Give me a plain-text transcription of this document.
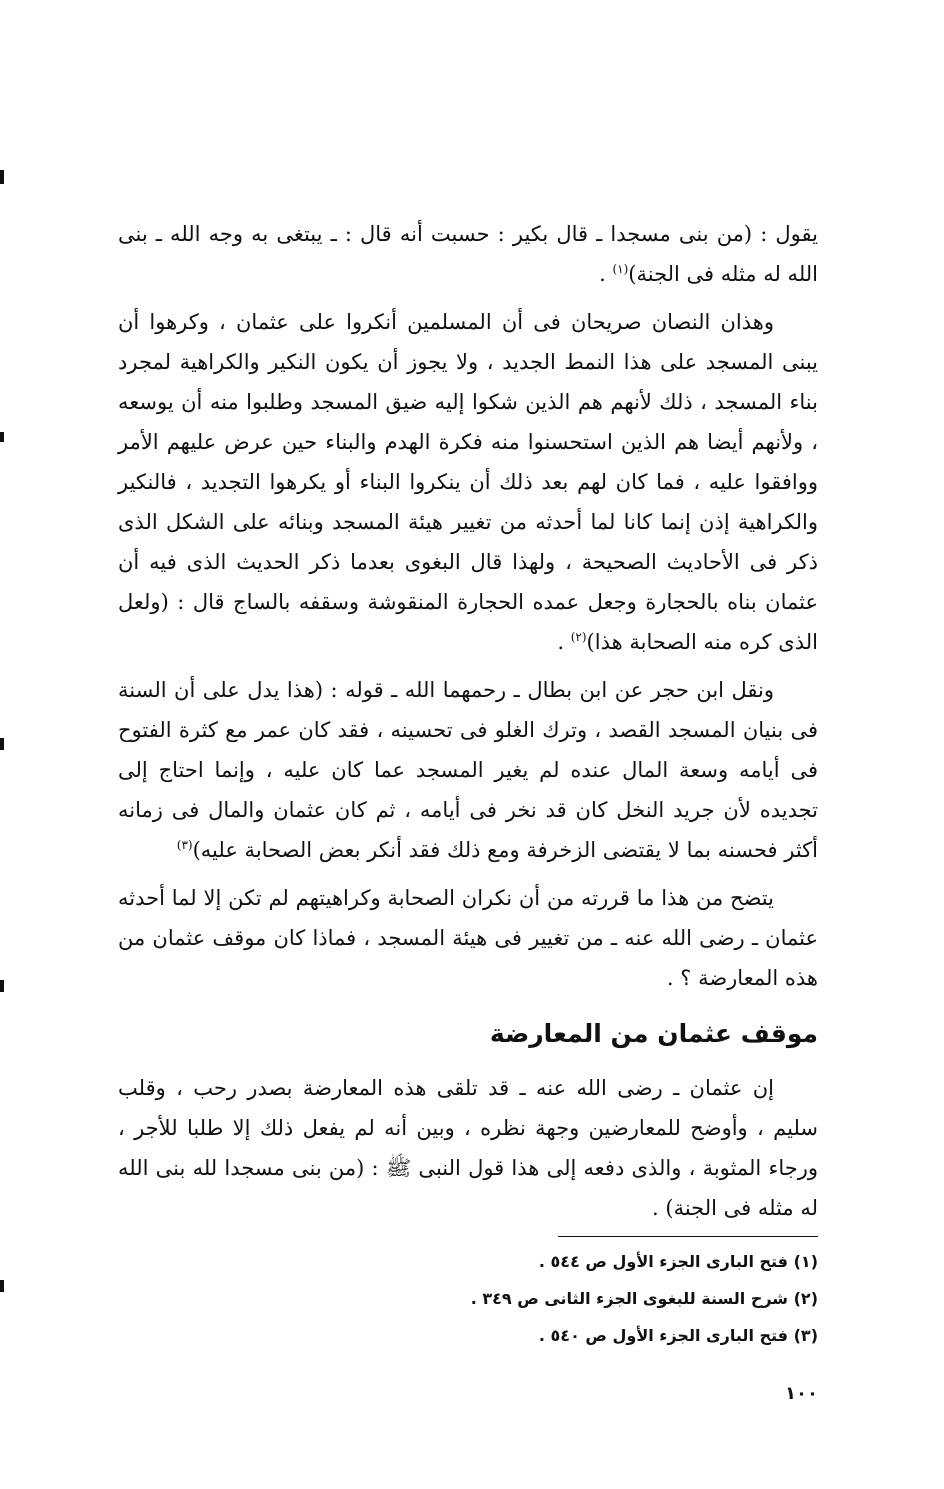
يقول : (من بنى مسجدا ـ قال بكير : حسبت أنه قال : ـ يبتغى به وجه الله ـ بنى الله له مثله فى الجنة)$^{(١)}$ .

وهذان النصان صريحان فى أن المسلمين أنكروا على عثمان ، وكرهوا أن يبنى المسجد على هذا النمط الجديد ، ولا يجوز أن يكون النكير والكراهية لمجرد بناء المسجد ، ذلك لأنهم هم الذين شكوا إليه ضيق المسجد وطلبوا منه أن يوسعه ، ولأنهم أيضا هم الذين استحسنوا منه فكرة الهدم والبناء حين عرض عليهم الأمر ووافقوا عليه ، فما كان لهم بعد ذلك أن ينكروا البناء أو يكرهوا التجديد ، فالنكير والكراهية إذن إنما كانا لما أحدثه من تغيير هيئة المسجد وبنائه على الشكل الذى ذكر فى الأحاديث الصحيحة ، ولهذا قال البغوى بعدما ذكر الحديث الذى فيه أن عثمان بناه بالحجارة وجعل عمده الحجارة المنقوشة وسقفه بالساج قال : (ولعل الذى كره منه الصحابة هذا)$^{(٢)}$ .

ونقل ابن حجر عن ابن بطال ـ رحمهما الله ـ قوله : (هذا يدل على أن السنة فى بنيان المسجد القصد ، وترك الغلو فى تحسينه ، فقد كان عمر مع كثرة الفتوح فى أيامه وسعة المال عنده لم يغير المسجد عما كان عليه ، وإنما احتاج إلى تجديده لأن جريد النخل كان قد نخر فى أيامه ، ثم كان عثمان والمال فى زمانه أكثر فحسنه بما لا يقتضى الزخرفة ومع ذلك فقد أنكر بعض الصحابة عليه)$^{(٣)}$

يتضح من هذا ما قررته من أن نكران الصحابة وكراهيتهم لم تكن إلا لما أحدثه عثمان ـ رضى الله عنه ـ من تغيير فى هيئة المسجد ، فماذا كان موقف عثمان من هذه المعارضة ؟ .

موقف عثمان من المعارضة

إن عثمان ـ رضى الله عنه ـ قد تلقى هذه المعارضة بصدر رحب ، وقلب سليم ، وأوضح للمعارضين وجهة نظره ، وبين أنه لم يفعل ذلك إلا طلبا للأجر ، ورجاء المثوبة ، والذى دفعه إلى هذا قول النبى ﷺ : (من بنى مسجدا لله بنى الله له مثله فى الجنة) .

(١) فتح البارى الجزء الأول ص ٥٤٤ .

(٢) شرح السنة للبغوى الجزء الثانى ص ٣٤٩ .

(٣) فتح البارى الجزء الأول ص ٥٤٠ .

١٠٠
